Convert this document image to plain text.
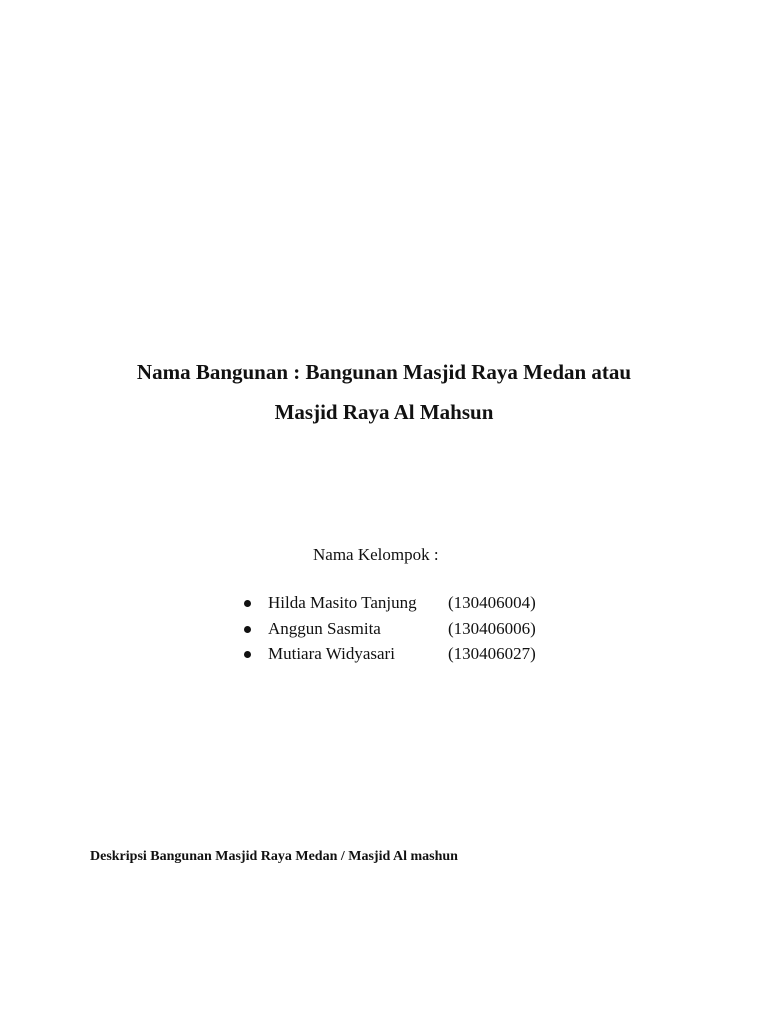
Nama Bangunan : Bangunan Masjid Raya Medan atau
Masjid Raya Al Mahsun
Nama Kelompok :
Hilda Masito Tanjung (130406004)
Anggun Sasmita	(130406006)
Mutiara Widyasari	(130406027)
Deskripsi Bangunan Masjid Raya Medan / Masjid Al mashun
